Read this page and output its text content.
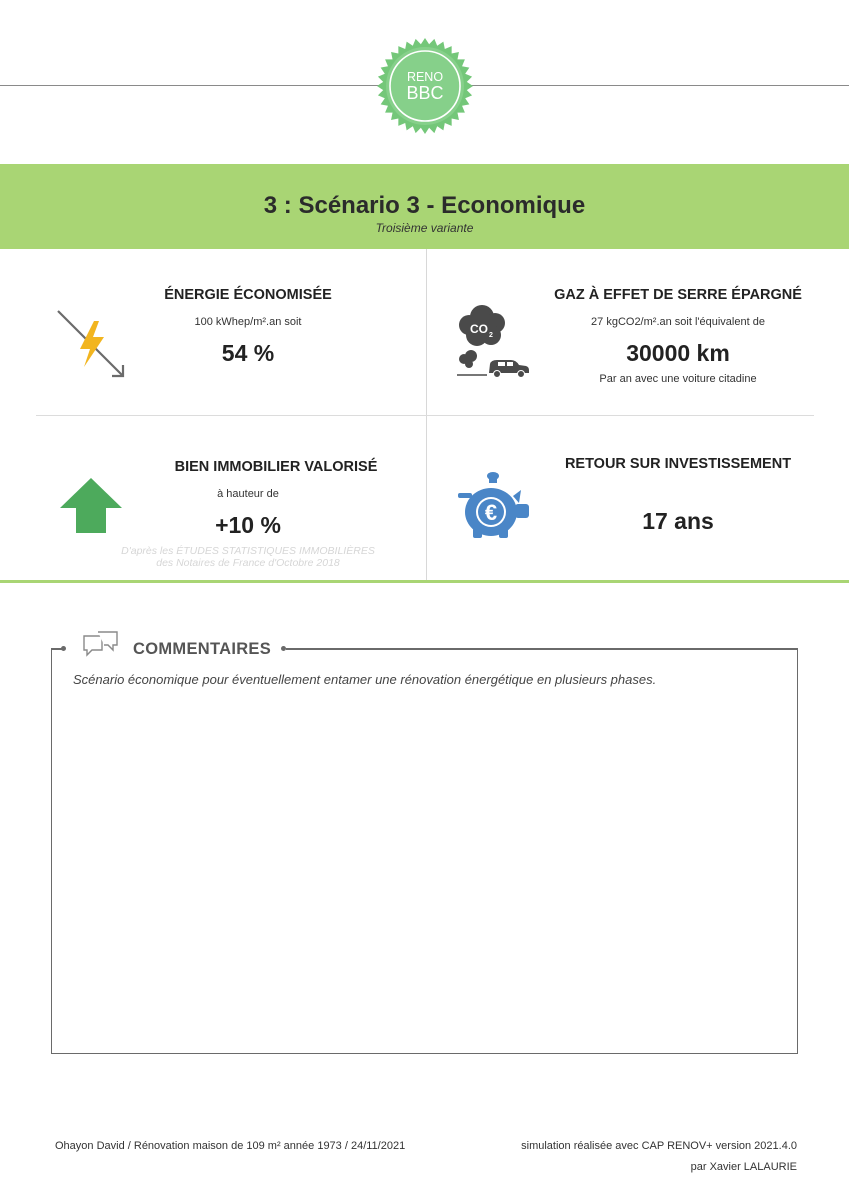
RENO
BBC
3 : Scénario 3 - Economique
Troisième variante
ÉNERGIE ÉCONOMISÉE
100 kWhep/m².an soit
54 %
CO 2
GAZ À EFFET DE SERRE ÉPARGNÉ
27 kgCO2/m².an soit l'équivalent de
30000 km
Par an avec une voiture citadine
BIEN IMMOBILIER VALORISÉ
à hauteur de
+10 %
D'après les ÉTUDES STATISTIQUES IMMOBILIÈRES
des Notaires de France d'Octobre 2018
€
RETOUR SUR INVESTISSEMENT
17 ans
COMMENTAIRES
Scénario économique pour éventuellement entamer une rénovation énergétique en plusieurs phases.
Ohayon David / Rénovation maison de 109 m² année 1973 / 24/11/2021	simulation réalisée avec CAP RENOV+ version 2021.4.0
par Xavier LALAURIE
